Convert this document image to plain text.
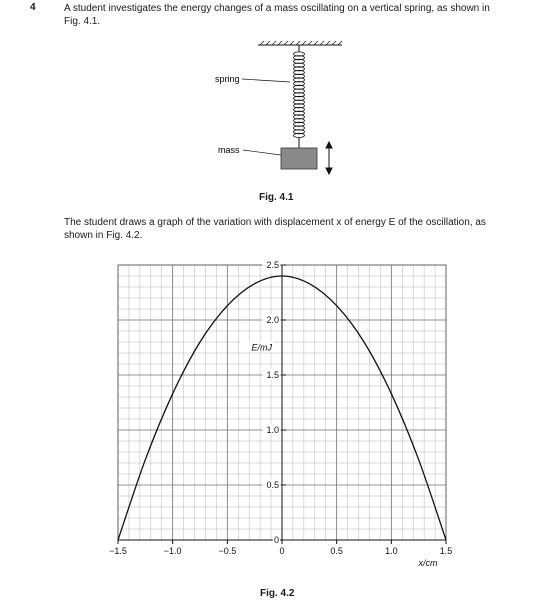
4	A student investigates the energy changes of a mass oscillating on a vertical spring, as shown in
Fig. 4.1.
spring
mass
Fig. 4.1
The student draws a graph of the variation with displacement x of energy E of the oscillation, as
shown in Fig. 4.2.
−1.5	−1.0	−0.5	0	0.5	1.0	1.5
0
0.5
1.0
1.5
2.0
2.5
E/mJ
x/cm
Fig. 4.2
